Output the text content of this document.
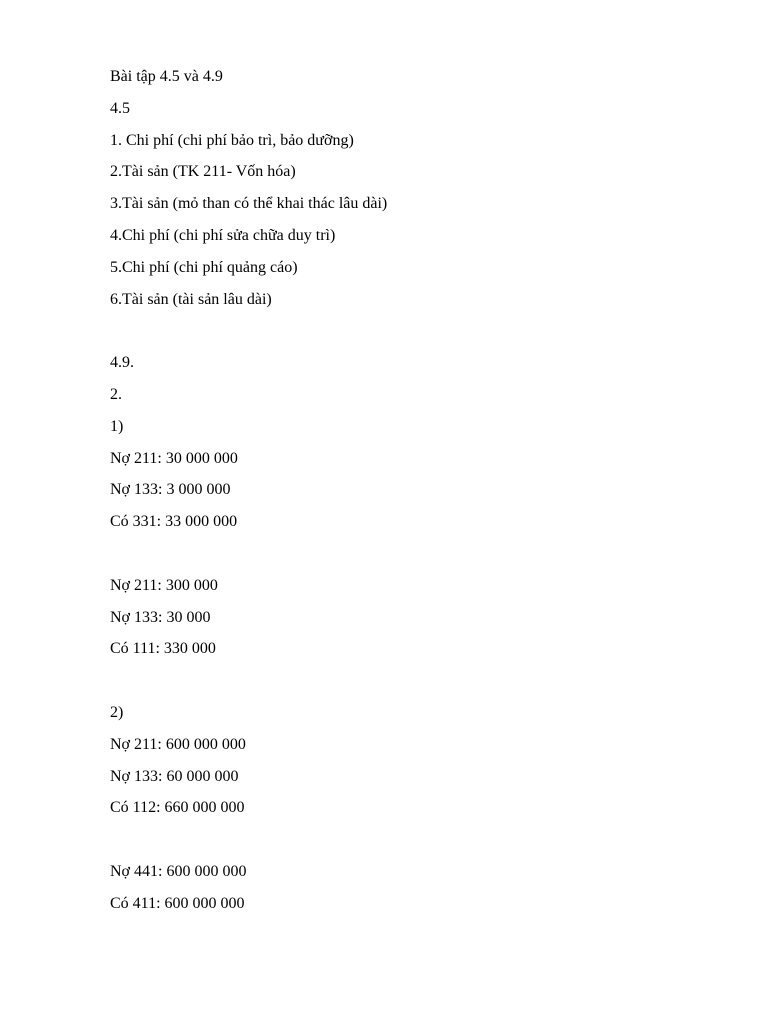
Bài tập 4.5 và 4.9
4.5
1. Chi phí (chi phí bảo trì, bảo dưỡng)
2.Tài sản (TK 211- Vốn hóa)
3.Tài sản (mỏ than có thể khai thác lâu dài)
4.Chi phí (chi phí sửa chữa duy trì)
5.Chi phí (chi phí quảng cáo)
6.Tài sản (tài sản lâu dài)
4.9.
2.
1)
Nợ 211: 30 000 000
Nợ 133: 3 000 000
Có 331: 33 000 000
Nợ 211: 300 000
Nợ 133: 30 000
Có 111: 330 000
2)
Nợ 211: 600 000 000
Nợ 133: 60 000 000
Có 112: 660 000 000
Nợ 441: 600 000 000
Có 411: 600 000 000
